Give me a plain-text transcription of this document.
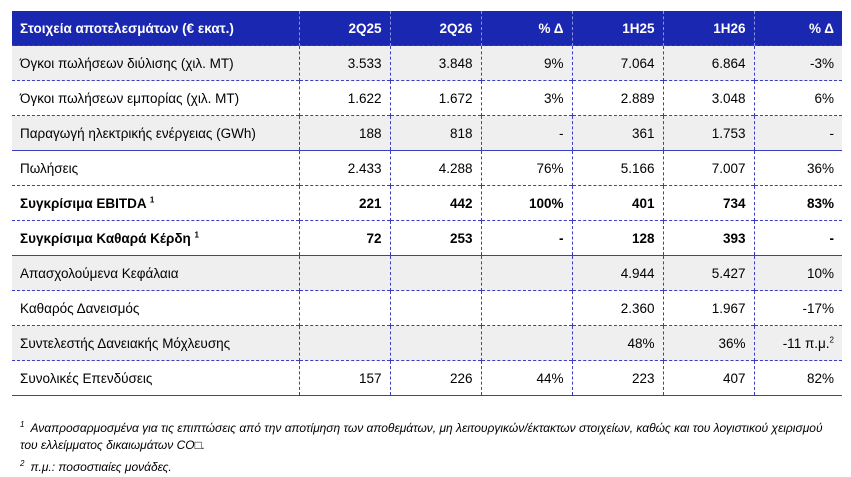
Στοιχεία αποτελεσμάτων (€ εκατ.)	2Q25	2Q26	% Δ	1H25	1H26	% Δ
Όγκοι πωλήσεων διύλισης (χιλ. MT)	3.533	3.848	9%	7.064	6.864	-3%
Όγκοι πωλήσεων εμπορίας (χιλ. MT)	1.622	1.672	3%	2.889	3.048	6%
Παραγωγή ηλεκτρικής ενέργειας (GWh)	188	818	-	361	1.753	-
Πωλήσεις	2.433	4.288	76%	5.166	7.007	36%
Συγκρίσιμα EBITDA $^1$	221	442	100%	401	734	83%
Συγκρίσιμα Καθαρά Κέρδη $^1$	72	253	-	128	393	-
Απασχολούμενα Κεφάλαια				4.944	5.427	10%
Καθαρός Δανεισμός				2.360	1.967	-17%
Συντελεστής Δανειακής Μόχλευσης				48%	36%	-11 π.μ.$^2$
Συνολικές Επενδύσεις	157	226	44%	223	407	82%

$^1$ Αναπροσαρμοσμένα για τις επιπτώσεις από την αποτίμηση των αποθεμάτων, μη λειτουργικών/έκτακτων στοιχείων, καθώς και του λογιστικού χειρισμού του ελλείμματος δικαιωμάτων CO□.

$^2$ π.μ.: ποσοστιαίες μονάδες.
